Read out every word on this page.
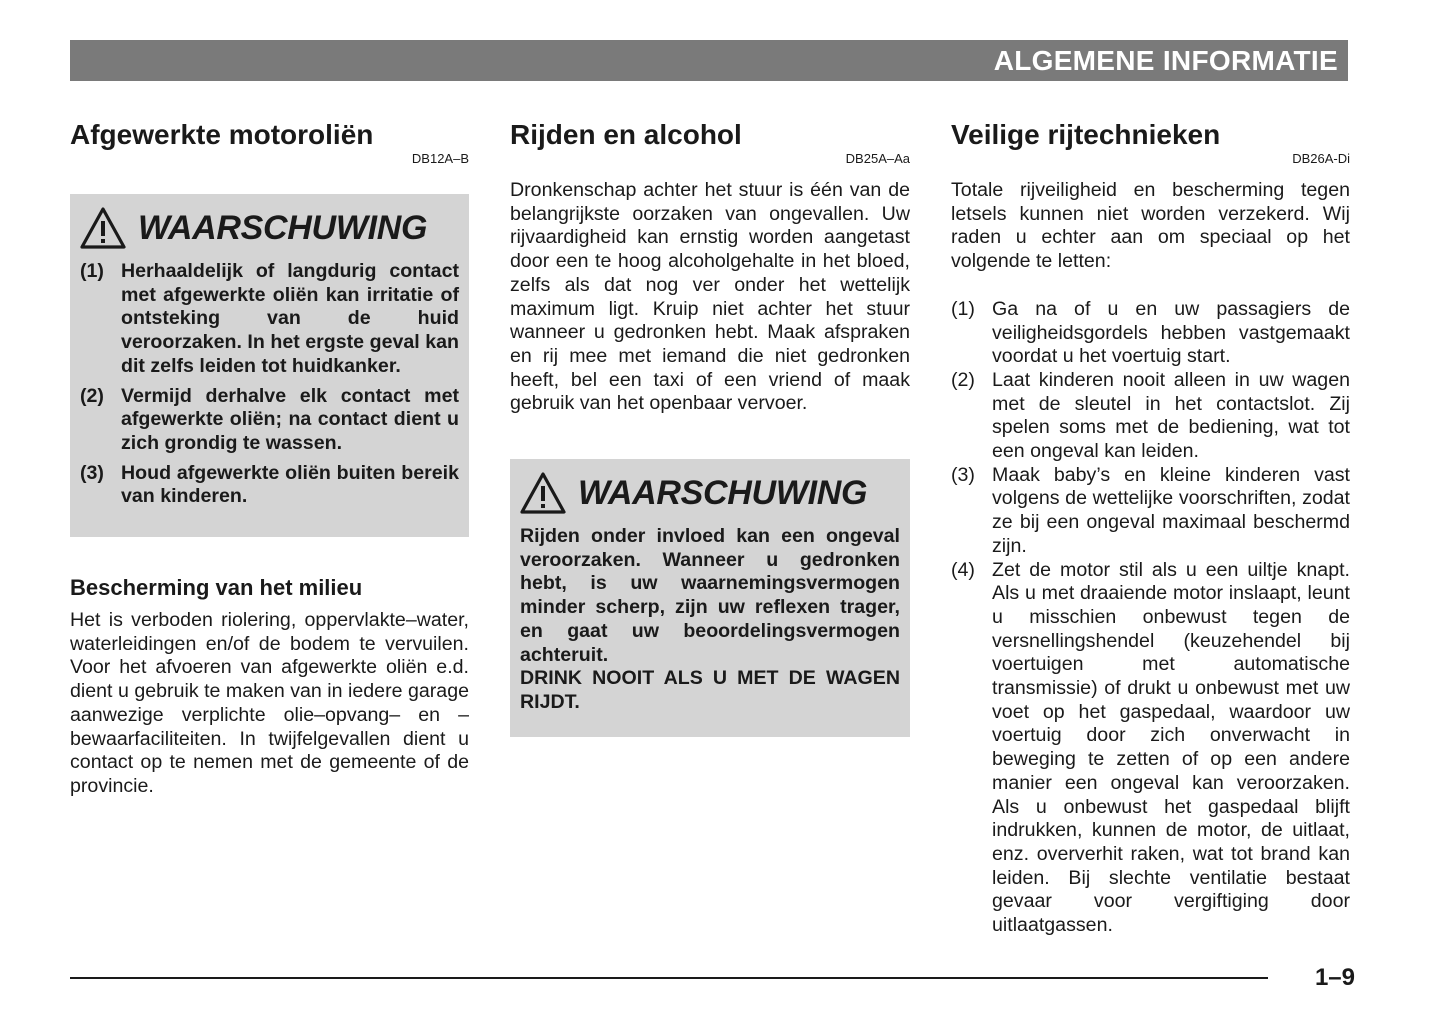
ALGEMENE INFORMATIE
Afgewerkte motoroliën
DB12A–B
WAARSCHUWING
(1) Herhaaldelijk of langdurig contact met afgewerkte oliën kan irritatie of ontsteking van de huid veroorzaken. In het ergste geval kan dit zelfs leiden tot huidkanker.
(2) Vermijd derhalve elk contact met afgewerkte oliën; na contact dient u zich grondig te wassen.
(3) Houd afgewerkte oliën buiten bereik van kinderen.
Bescherming van het milieu

Het is verboden riolering, oppervlakte–water, waterleidingen en/of de bodem te vervuilen. Voor het afvoeren van afgewerkte oliën e.d. dient u gebruik te maken van in iedere garage aanwezige verplichte olie–opvang– en –bewaarfaciliteiten. In twijfelgevallen dient u contact op te nemen met de gemeente of de provincie.

Rijden en alcohol
DB25A–Aa

Dronkenschap achter het stuur is één van de belangrijkste oorzaken van ongevallen. Uw rijvaardigheid kan ernstig worden aangetast door een te hoog alcoholgehalte in het bloed, zelfs als dat nog ver onder het wettelijk maximum ligt. Kruip niet achter het stuur wanneer u gedronken hebt. Maak afspraken en rij mee met iemand die niet gedronken heeft, bel een taxi of een vriend of maak gebruik van het openbaar vervoer.

WAARSCHUWING

Rijden onder invloed kan een ongeval veroorzaken. Wanneer u gedronken hebt, is uw waarnemingsvermogen minder scherp, zijn uw reflexen trager, en gaat uw beoordelingsvermogen achteruit.

DRINK NOOIT ALS U MET DE WAGEN RIJDT.

Veilige rijtechnieken
DB26A-Di

Totale rijveiligheid en bescherming tegen letsels kunnen niet worden verzekerd. Wij raden u echter aan om speciaal op het volgende te letten:

(1) Ga na of u en uw passagiers de veiligheidsgordels hebben vastgemaakt voordat u het voertuig start.
(2) Laat kinderen nooit alleen in uw wagen met de sleutel in het contactslot. Zij spelen soms met de bediening, wat tot een ongeval kan leiden.
(3) Maak baby’s en kleine kinderen vast volgens de wettelijke voorschriften, zodat ze bij een ongeval maximaal beschermd zijn.
(4) Zet de motor stil als u een uiltje knapt. Als u met draaiende motor inslaapt, leunt u misschien onbewust tegen de versnellingshendel (keuzehendel bij voertuigen met automatische transmissie) of drukt u onbewust met uw voet op het gaspedaal, waardoor uw voertuig door zich onverwacht in beweging te zetten of op een andere manier een ongeval kan veroorzaken. Als u onbewust het gaspedaal blijft indrukken, kunnen de motor, de uitlaat, enz. oververhit raken, wat tot brand kan leiden. Bij slechte ventilatie bestaat gevaar voor vergiftiging door uitlaatgassen.
1–9
